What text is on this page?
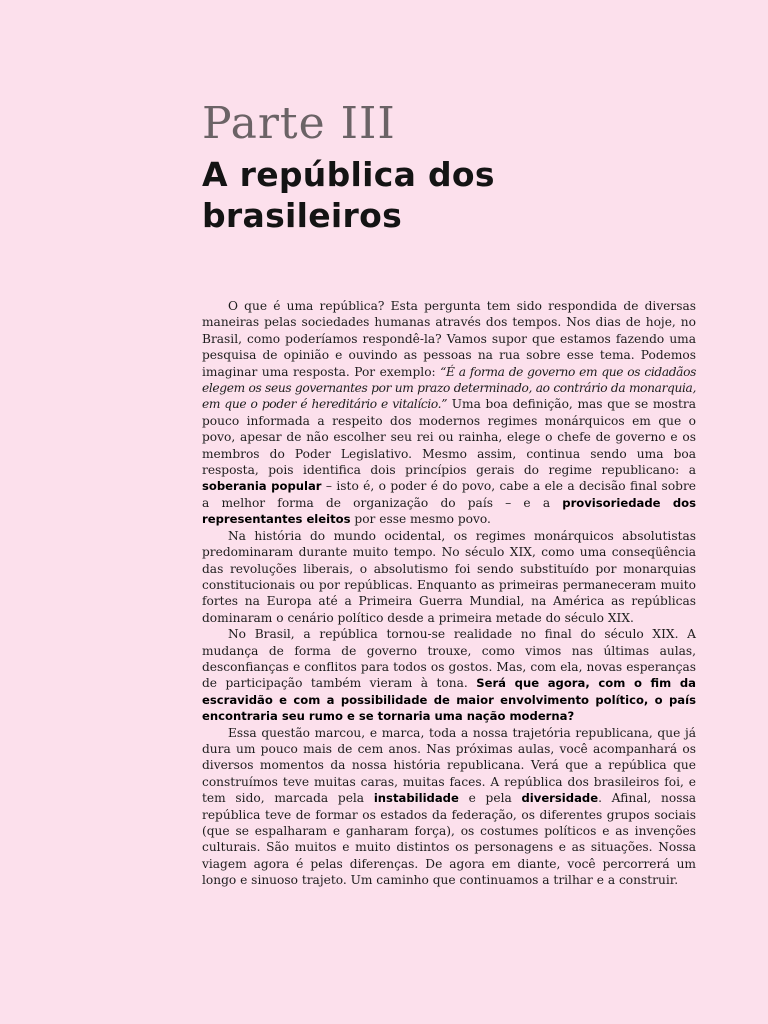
Parte III
A república dos
brasileiros

O que é uma república? Esta pergunta tem sido respondida de diversas maneiras pelas sociedades humanas através dos tempos. Nos dias de hoje, no Brasil, como poderíamos respondê-la? Vamos supor que estamos fazendo uma pesquisa de opinião e ouvindo as pessoas na rua sobre esse tema. Podemos imaginar uma resposta. Por exemplo: “É a forma de governo em que os cidadãos elegem os seus governantes por um prazo determinado, ao contrário da monarquia, em que o poder é hereditário e vitalício.” Uma boa definição, mas que se mostra pouco informada a respeito dos modernos regimes monárquicos em que o povo, apesar de não escolher seu rei ou rainha, elege o chefe de governo e os membros do Poder Legislativo. Mesmo assim, continua sendo uma boa resposta, pois identifica dois princípios gerais do regime republicano: a soberania popular – isto é, o poder é do povo, cabe a ele a decisão final sobre a melhor forma de organização do país – e a provisoriedade dos representantes eleitos por esse mesmo povo.

Na história do mundo ocidental, os regimes monárquicos absolutistas predominaram durante muito tempo. No século XIX, como uma conseqüência das revoluções liberais, o absolutismo foi sendo substituído por monarquias constitucionais ou por repúblicas. Enquanto as primeiras permaneceram muito fortes na Europa até a Primeira Guerra Mundial, na América as repúblicas dominaram o cenário político desde a primeira metade do século XIX.

No Brasil, a república tornou-se realidade no final do século XIX. A mudança de forma de governo trouxe, como vimos nas últimas aulas, desconfianças e conflitos para todos os gostos. Mas, com ela, novas esperanças de participação também vieram à tona. Será que agora, com o fim da escravidão e com a possibilidade de maior envolvimento político, o país encontraria seu rumo e se tornaria uma nação moderna?

Essa questão marcou, e marca, toda a nossa trajetória republicana, que já dura um pouco mais de cem anos. Nas próximas aulas, você acompanhará os diversos momentos da nossa história republicana. Verá que a república que construímos teve muitas caras, muitas faces. A república dos brasileiros foi, e tem sido, marcada pela instabilidade e pela diversidade. Afinal, nossa república teve de formar os estados da federação, os diferentes grupos sociais (que se espalharam e ganharam força), os costumes políticos e as invenções culturais. São muitos e muito distintos os personagens e as situações. Nossa viagem agora é pelas diferenças. De agora em diante, você percorrerá um longo e sinuoso trajeto. Um caminho que continuamos a trilhar e a construir.
